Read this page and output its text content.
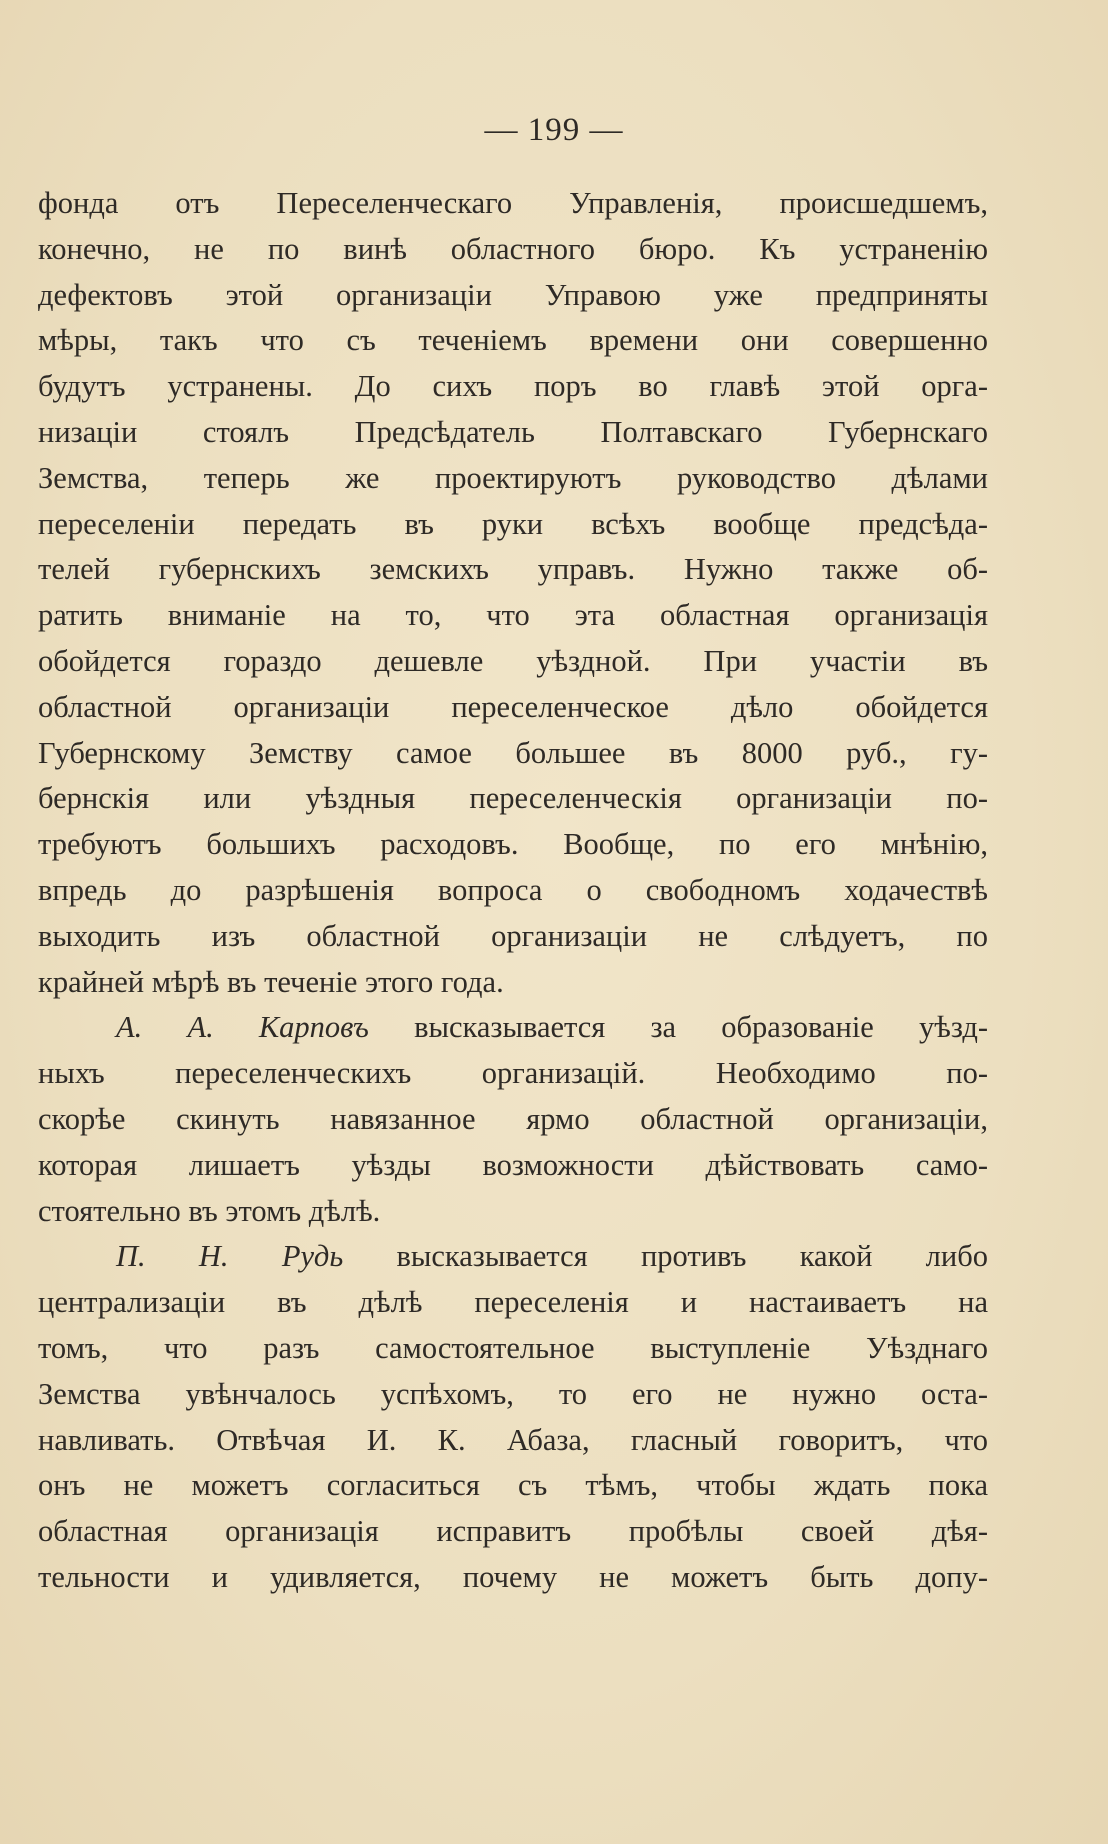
— 199 —
фонда отъ Переселенческаго Управленія, происшедшемъ,
конечно, не по винѣ областного бюро. Къ устраненію
дефектовъ этой организаціи Управою уже предприняты
мѣры, такъ что съ теченіемъ времени они совершенно
будутъ устранены. До сихъ поръ во главѣ этой орга-
низаціи стоялъ Предсѣдатель Полтавскаго Губернскаго
Земства, теперь же проектируютъ руководство дѣлами
переселеніи передать въ руки всѣхъ вообще предсѣда-
телей губернскихъ земскихъ управъ. Нужно также об-
ратить вниманіе на то, что эта областная организація
обойдется гораздо дешевле уѣздной. При участіи въ
областной организаціи переселенческое дѣло обойдется
Губернскому Земству самое большее въ 8000 руб., гу-
бернскія или уѣздныя переселенческія организаціи по-
требуютъ большихъ расходовъ. Вообще, по его мнѣнію,
впредь до разрѣшенія вопроса о свободномъ ходачествѣ
выходить изъ областной организаціи не слѣдуетъ, по
крайней мѣрѣ въ теченіе этого года.
А. А. Карповъ высказывается за образованіе уѣзд-
ныхъ переселенческихъ организацій. Необходимо по-
скорѣе скинуть навязанное ярмо областной организаціи,
которая лишаетъ уѣзды возможности дѣйствовать само-
стоятельно въ этомъ дѣлѣ.
П. Н. Рудь высказывается противъ какой либо
централизаціи въ дѣлѣ переселенія и настаиваетъ на
томъ, что разъ самостоятельное выступленіе Уѣзднаго
Земства увѣнчалось успѣхомъ, то его не нужно оста-
навливать. Отвѣчая И. К. Абаза, гласный говоритъ, что
онъ не можетъ согласиться съ тѣмъ, чтобы ждать пока
областная организація исправитъ пробѣлы своей дѣя-
тельности и удивляется, почему не можетъ быть допу-
